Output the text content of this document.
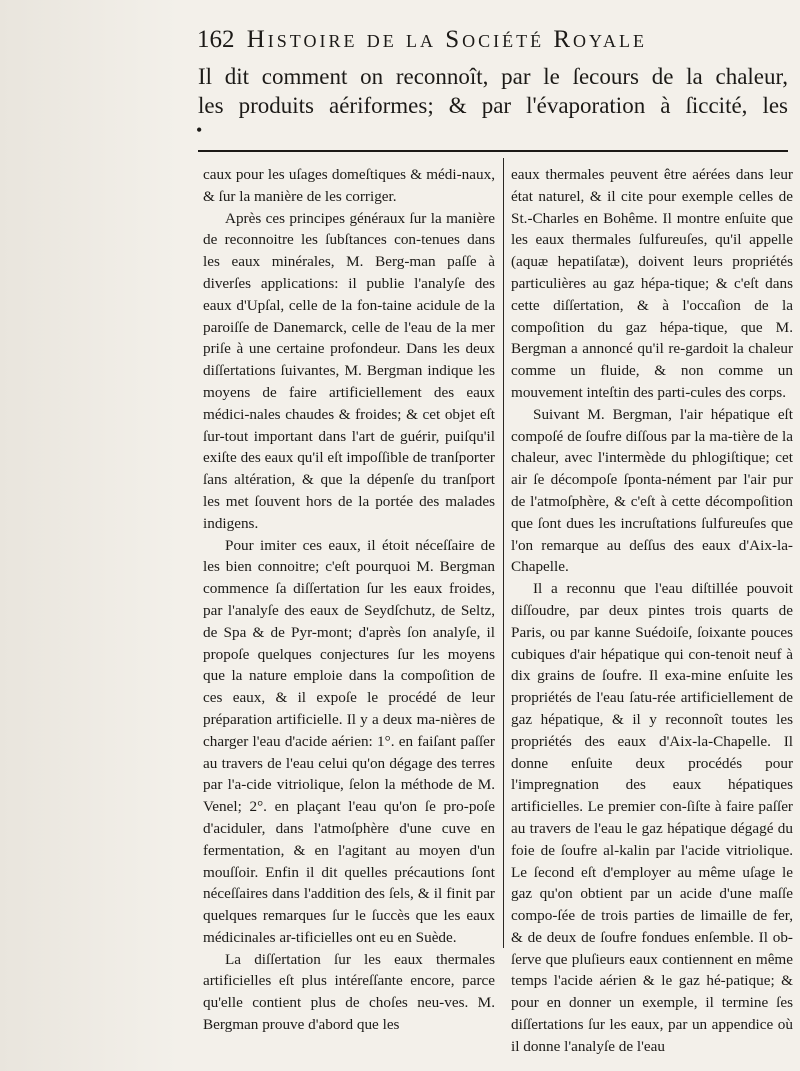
162 Histoire de la Société Royale
Il dit comment on reconnoît, par le ſecours de la chaleur,
les produits aériformes; & par l'évaporation à ſiccité, les
•

caux pour les uſages domeſtiques & médi-naux, & ſur la manière de les corriger.

Après ces principes généraux ſur la manière de reconnoitre les ſubſtances con-tenues dans les eaux minérales, M. Berg-man paſſe à diverſes applications: il publie l'analyſe des eaux d'Upſal, celle de la fon-taine acidule de la paroiſſe de Danemarck, celle de l'eau de la mer priſe à une certaine profondeur. Dans les deux diſſertations ſuivantes, M. Bergman indique les moyens de faire artificiellement des eaux médici-nales chaudes & froides; & cet objet eſt ſur-tout important dans l'art de guérir, puiſqu'il exiſte des eaux qu'il eſt impoſſible de tranſporter ſans altération, & que la dépenſe du tranſport les met ſouvent hors de la portée des malades indigens.

Pour imiter ces eaux, il étoit néceſſaire de les bien connoitre; c'eſt pourquoi M. Bergman commence ſa diſſertation ſur les eaux froides, par l'analyſe des eaux de Seydſchutz, de Seltz, de Spa & de Pyr-mont; d'après ſon analyſe, il propoſe quelques conjectures ſur les moyens que la nature emploie dans la compoſition de ces eaux, & il expoſe le procédé de leur préparation artificielle. Il y a deux ma-nières de charger l'eau d'acide aérien: 1°. en faiſant paſſer au travers de l'eau celui qu'on dégage des terres par l'a-cide vitriolique, ſelon la méthode de M. Venel; 2°. en plaçant l'eau qu'on ſe pro-poſe d'aciduler, dans l'atmoſphère d'une cuve en fermentation, & en l'agitant au moyen d'un mouſſoir. Enfin il dit quelles précautions ſont néceſſaires dans l'addition des ſels, & il finit par quelques remarques ſur le ſuccès que les eaux médicinales ar-tificielles ont eu en Suède.

La diſſertation ſur les eaux thermales artificielles eſt plus intéreſſante encore, parce qu'elle contient plus de choſes neu-ves. M. Bergman prouve d'abord que les

eaux thermales peuvent être aérées dans leur état naturel, & il cite pour exemple celles de St.-Charles en Bohême. Il montre enſuite que les eaux thermales ſulfureuſes, qu'il appelle (aquæ hepatiſatæ), doivent leurs propriétés particulières au gaz hépa-tique; & c'eſt dans cette diſſertation, & à l'occaſion de la compoſition du gaz hépa-tique, que M. Bergman a annoncé qu'il re-gardoit la chaleur comme un fluide, & non comme un mouvement inteſtin des parti-cules des corps.

Suivant M. Bergman, l'air hépatique eſt compoſé de ſoufre diſſous par la ma-tière de la chaleur, avec l'intermède du phlogiſtique; cet air ſe décompoſe ſponta-nément par l'air pur de l'atmoſphère, & c'eſt à cette décompoſition que ſont dues les incruſtations ſulfureuſes que l'on remarque au deſſus des eaux d'Aix-la-Chapelle.

Il a reconnu que l'eau diſtillée pouvoit diſſoudre, par deux pintes trois quarts de Paris, ou par kanne Suédoiſe, ſoixante pouces cubiques d'air hépatique qui con-tenoit neuf à dix grains de ſoufre. Il exa-mine enſuite les propriétés de l'eau ſatu-rée artificiellement de gaz hépatique, & il y reconnoît toutes les propriétés des eaux d'Aix-la-Chapelle. Il donne enſuite deux procédés pour l'impregnation des eaux hépatiques artificielles. Le premier con-ſiſte à faire paſſer au travers de l'eau le gaz hépatique dégagé du foie de ſoufre al-kalin par l'acide vitriolique. Le ſecond eſt d'employer au même uſage le gaz qu'on obtient par un acide d'une maſſe compo-ſée de trois parties de limaille de fer, & de deux de ſoufre fondues enſemble. Il ob-ſerve que pluſieurs eaux contiennent en même temps l'acide aérien & le gaz hé-patique; & pour en donner un exemple, il termine ſes diſſertations ſur les eaux, par un appendice où il donne l'analyſe de l'eau
